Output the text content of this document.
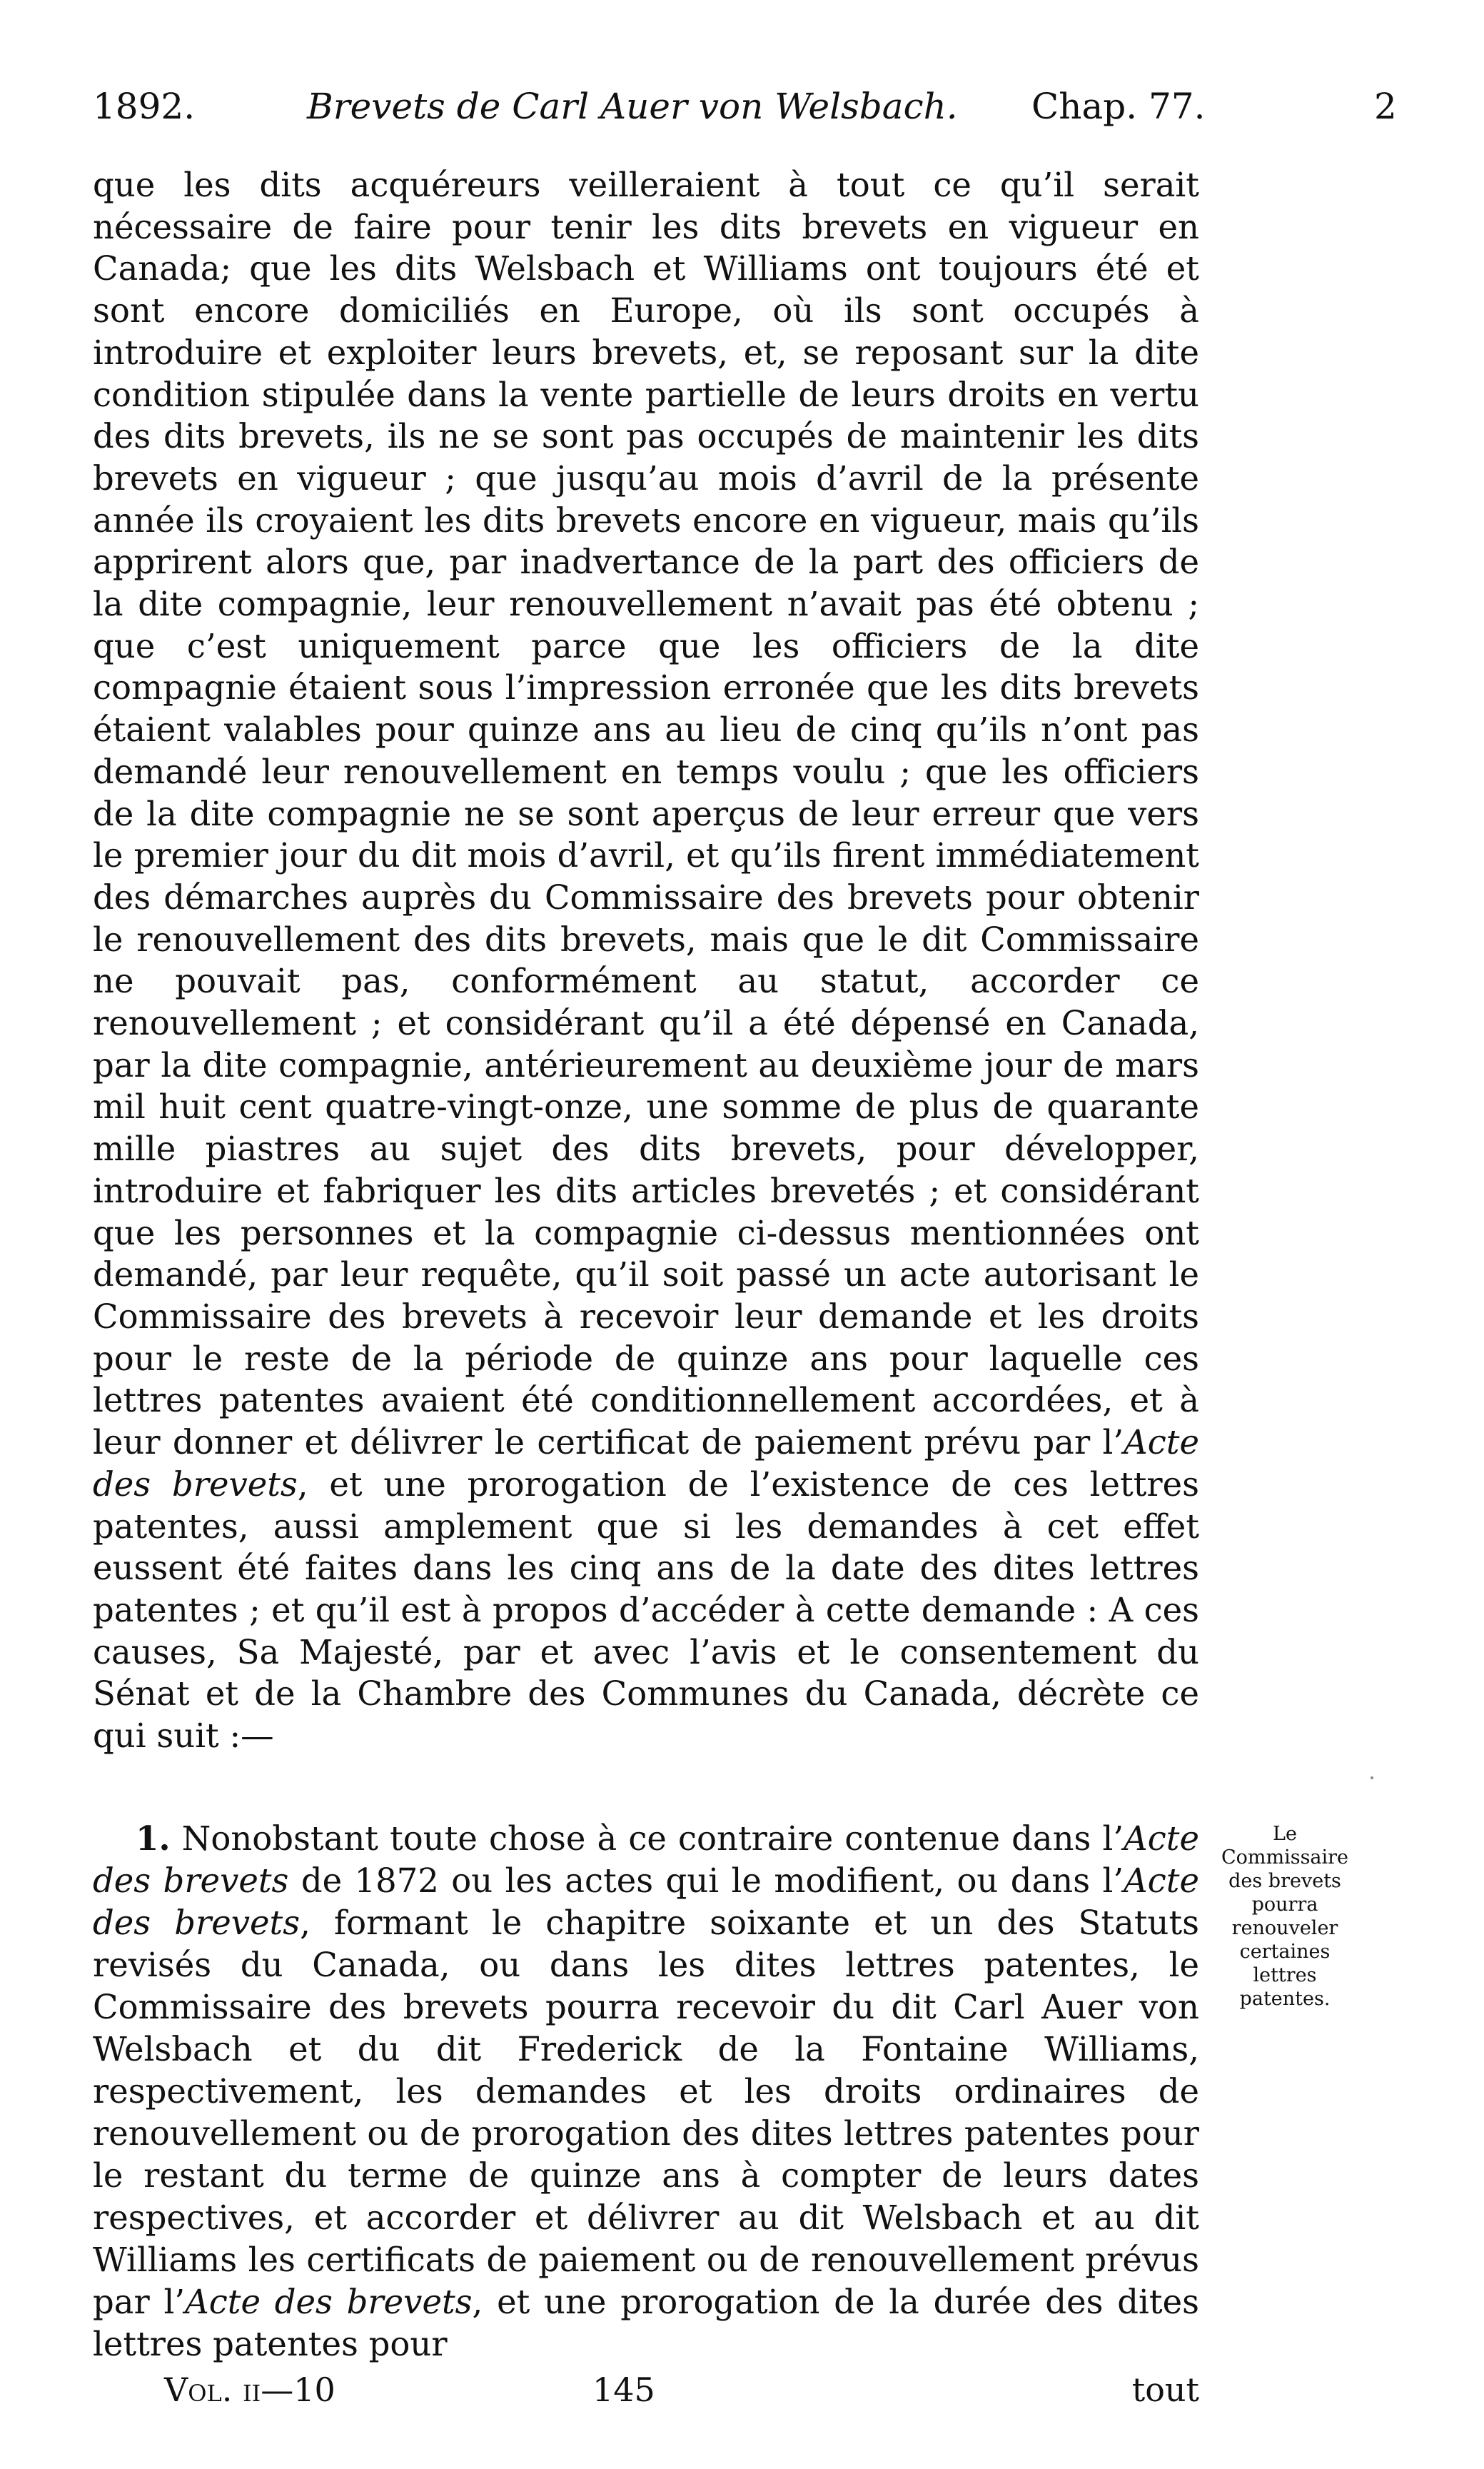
1892.	Brevets de Carl Auer von Welsbach. Chap. 77.	2

que les dits acquéreurs veilleraient à tout ce qu’il serait nécessaire de faire pour tenir les dits brevets en vigueur en Canada; que les dits Welsbach et Williams ont toujours été et sont encore domiciliés en Europe, où ils sont occupés à introduire et exploiter leurs brevets, et, se reposant sur la dite condition stipulée dans la vente partielle de leurs droits en vertu des dits brevets, ils ne se sont pas occupés de maintenir les dits brevets en vigueur ; que jusqu’au mois d’avril de la présente année ils croyaient les dits brevets encore en vigueur, mais qu’ils apprirent alors que, par inadvertance de la part des officiers de la dite compagnie, leur renouvellement n’avait pas été obtenu ; que c’est uniquement parce que les officiers de la dite compagnie étaient sous l’impression erronée que les dits brevets étaient valables pour quinze ans au lieu de cinq qu’ils n’ont pas demandé leur renouvellement en temps voulu ; que les officiers de la dite compagnie ne se sont aperçus de leur erreur que vers le premier jour du dit mois d’avril, et qu’ils firent immédiatement des démarches auprès du Commissaire des brevets pour obtenir le renouvellement des dits brevets, mais que le dit Commissaire ne pouvait pas, conformément au statut, accorder ce renouvellement ; et considérant qu’il a été dépensé en Canada, par la dite compagnie, antérieurement au deuxième jour de mars mil huit cent quatre-vingt-onze, une somme de plus de quarante mille piastres au sujet des dits brevets, pour développer, introduire et fabriquer les dits articles brevetés ; et considérant que les personnes et la compagnie ci-dessus mentionnées ont demandé, par leur requête, qu’il soit passé un acte autorisant le Commissaire des brevets à recevoir leur demande et les droits pour le reste de la période de quinze ans pour laquelle ces lettres patentes avaient été conditionnellement accordées, et à leur donner et délivrer le certificat de paiement prévu par l’Acte des brevets, et une prorogation de l’existence de ces lettres patentes, aussi amplement que si les demandes à cet effet eussent été faites dans les cinq ans de la date des dites lettres patentes ; et qu’il est à propos d’accéder à cette demande : A ces causes, Sa Majesté, par et avec l’avis et le consentement du Sénat et de la Chambre des Communes du Canada, décrète ce qui suit :—

1. Nonobstant toute chose à ce contraire contenue dans l’Acte des brevets de 1872 ou les actes qui le modifient, ou dans l’Acte des brevets, formant le chapitre soixante et un des Statuts revisés du Canada, ou dans les dites lettres patentes, le Commissaire des brevets pourra recevoir du dit Carl Auer von Welsbach et du dit Frederick de la Fontaine Williams, respectivement, les demandes et les droits ordinaires de renouvellement ou de prorogation des dites lettres patentes pour le restant du terme de quinze ans à compter de leurs dates respectives, et accorder et délivrer au dit Welsbach et au dit Williams les certificats de paiement ou de renouvellement prévus par l’Acte des brevets, et une prorogation de la durée des dites lettres patentes pour

Le Commissaire des brevets pourra renouveler certaines lettres patentes.
Vol. ii—10	145	tout
